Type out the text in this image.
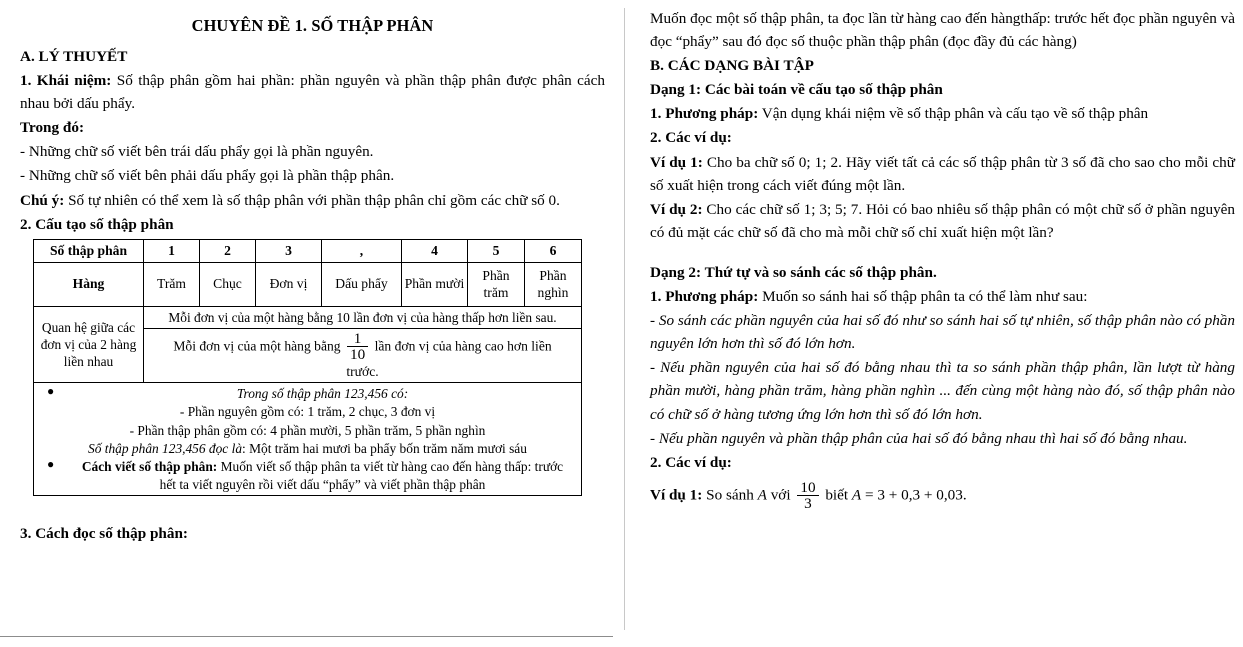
CHUYÊN ĐỀ 1. SỐ THẬP PHÂN
A. LÝ THUYẾT
1. Khái niệm: Số thập phân gồm hai phần: phần nguyên và phần thập phân được phân cách nhau bởi dấu phẩy.
Trong đó:
- Những chữ số viết bên trái dấu phẩy gọi là phần nguyên.
- Những chữ số viết bên phải dấu phẩy gọi là phần thập phân.
Chú ý: Số tự nhiên có thể xem là số thập phân với phần thập phân chỉ gồm các chữ số 0.
2. Cấu tạo số thập phân
Số thập phân	1	2	3	,	4	5	6
Hàng	Trăm	Chục	Đơn vị	Dấu phẩy	Phần mười	Phần trăm	Phần nghìn
Quan hệ giữa các đơn vị của 2 hàng liền nhau	Mỗi đơn vị của một hàng bằng 10 lần đơn vị của hàng thấp hơn liền sau.						
	Mỗi đơn vị của một hàng bằng $\frac{1}{10}$ lần đơn vị của hàng cao hơn liền
trước.						

●	Trong số thập phân 123,456 có:
- Phần nguyên gồm có: 1 trăm, 2 chục, 3 đơn vị
- Phần thập phân gồm có: 4 phần mười, 5 phần trăm, 5 phần nghìn
Số thập phân 123,456 đọc là: Một trăm hai mươi ba phẩy bốn trăm năm mươi sáu
● Cách viết số thập phân: Muốn viết số thập phân ta viết từ hàng cao đến hàng thấp: trước
hết ta viết nguyên rồi viết dấu “phẩy” và viết phần thập phân
3. Cách đọc số thập phân:
Muốn đọc một số thập phân, ta đọc lần từ hàng cao đến hàngthấp: trước hết đọc phần nguyên và đọc “phẩy” sau đó đọc số thuộc phần thập phân (đọc đầy đủ các hàng)
B. CÁC DẠNG BÀI TẬP
Dạng 1: Các bài toán về cấu tạo số thập phân
1. Phương pháp: Vận dụng khái niệm về số thập phân và cấu tạo về số thập phân
2. Các ví dụ:
Ví dụ 1: Cho ba chữ số 0; 1; 2. Hãy viết tất cả các số thập phân từ 3 số đã cho sao cho mỗi chữ số xuất hiện trong cách viết đúng một lần.
Ví dụ 2: Cho các chữ số 1; 3; 5; 7. Hỏi có bao nhiêu số thập phân có một chữ số ở phần nguyên có đủ mặt các chữ số đã cho mà mỗi chữ số chỉ xuất hiện một lần?
Dạng 2: Thứ tự và so sánh các số thập phân.
1. Phương pháp: Muốn so sánh hai số thập phân ta có thể làm như sau:
- So sánh các phần nguyên của hai số đó như so sánh hai số tự nhiên, số thập phân nào có phần nguyên lớn hơn thì số đó lớn hơn.
- Nếu phần nguyên của hai số đó bằng nhau thì ta so sánh phần thập phân, lần lượt từ hàng phần mười, hàng phần trăm, hàng phần nghìn ... đến cùng một hàng nào đó, số thập phân nào có chữ số ở hàng tương ứng lớn hơn thì số đó lớn hơn.
- Nếu phần nguyên và phần thập phân của hai số đó bằng nhau thì hai số đó bằng nhau.
2. Các ví dụ:
Ví dụ 1: So sánh A với $\frac{10}{3}$ biết A = 3 + 0,3 + 0,03.
